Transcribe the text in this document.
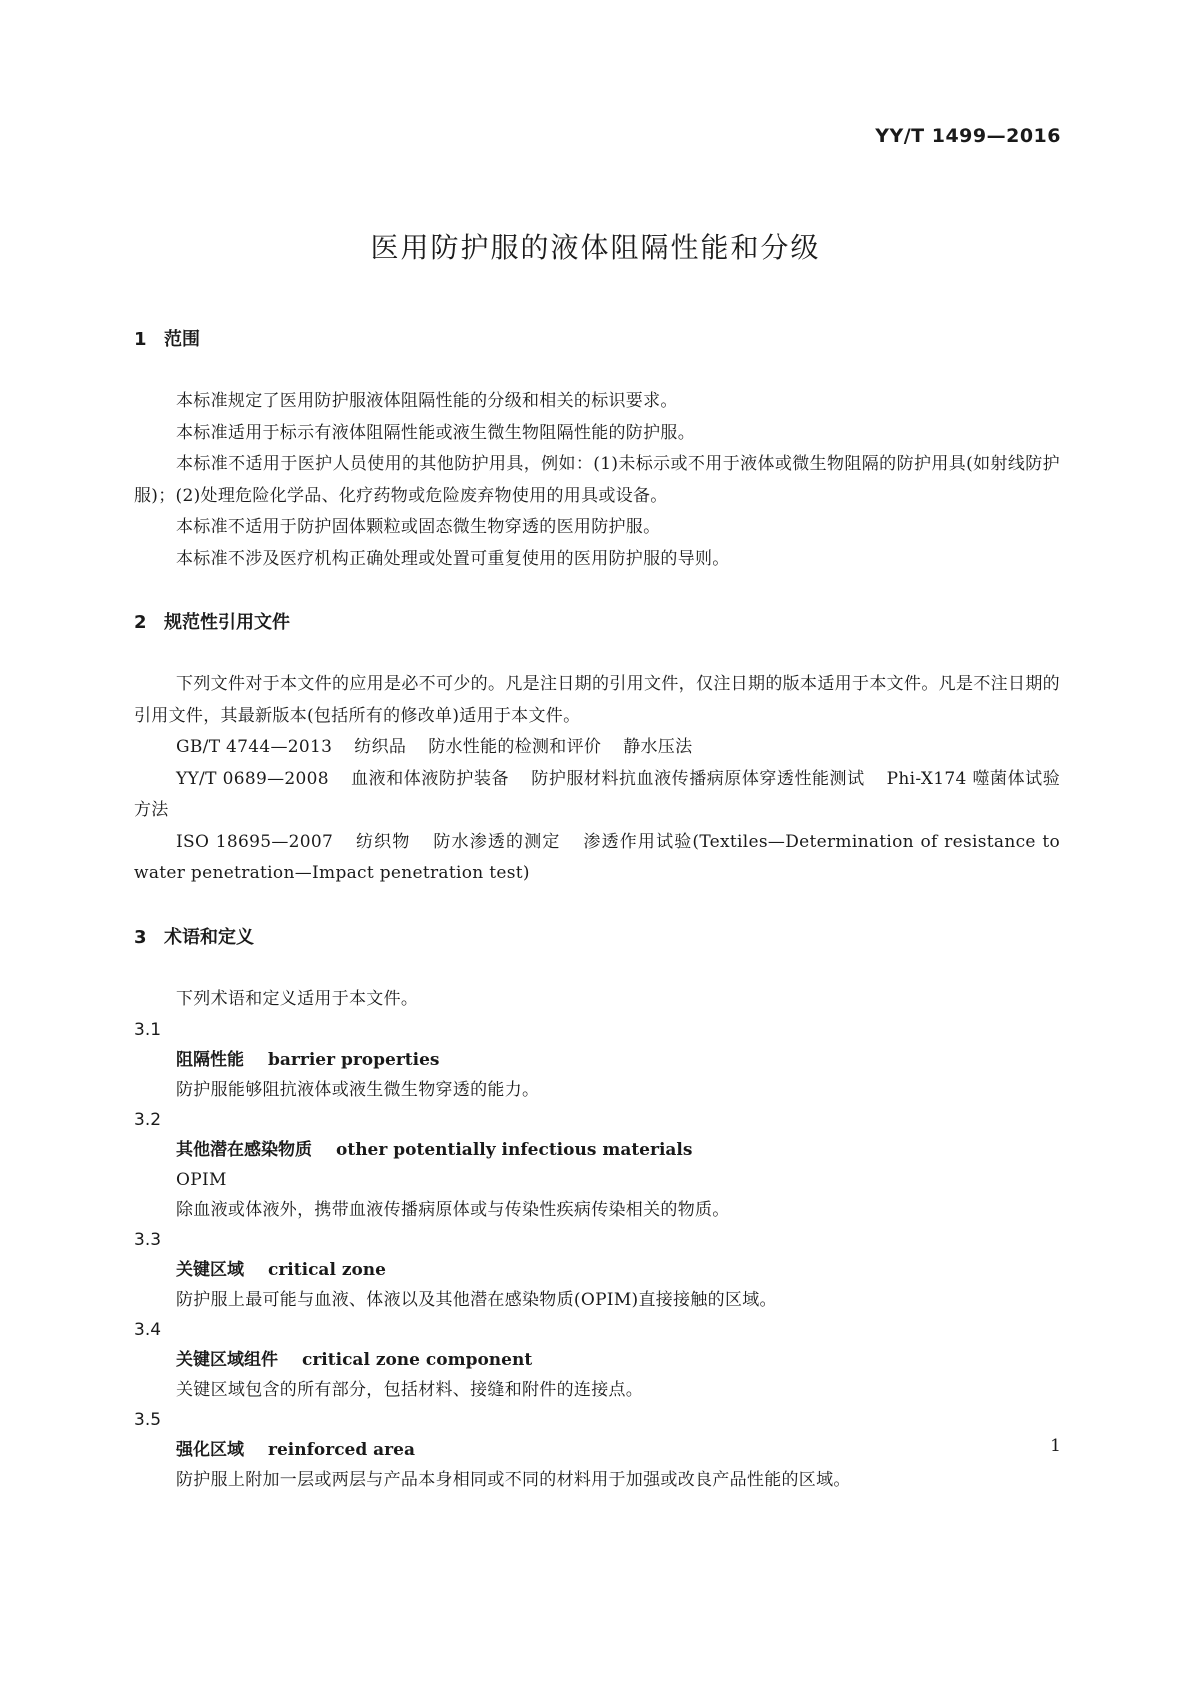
YY/T 1499—2016
医用防护服的液体阻隔性能和分级
1 范围
本标准规定了医用防护服液体阻隔性能的分级和相关的标识要求。
本标准适用于标示有液体阻隔性能或液生微生物阻隔性能的防护服。
本标准不适用于医护人员使用的其他防护用具，例如：(1)未标示或不用于液体或微生物阻隔的防护用具(如射线防护服)；(2)处理危险化学品、化疗药物或危险废弃物使用的用具或设备。
本标准不适用于防护固体颗粒或固态微生物穿透的医用防护服。
本标准不涉及医疗机构正确处理或处置可重复使用的医用防护服的导则。
2 规范性引用文件
下列文件对于本文件的应用是必不可少的。凡是注日期的引用文件，仅注日期的版本适用于本文件。凡是不注日期的引用文件，其最新版本(包括所有的修改单)适用于本文件。
GB/T 4744—2013 纺织品 防水性能的检测和评价 静水压法
YY/T 0689—2008 血液和体液防护装备 防护服材料抗血液传播病原体穿透性能测试 Phi-X174 噬菌体试验方法
ISO 18695—2007 纺织物 防水渗透的测定 渗透作用试验(Textiles—Determination of resistance to water penetration—Impact penetration test)
3 术语和定义
下列术语和定义适用于本文件。
3.1
阻隔性能 barrier properties
防护服能够阻抗液体或液生微生物穿透的能力。
3.2
其他潜在感染物质 other potentially infectious materials
OPIM
除血液或体液外，携带血液传播病原体或与传染性疾病传染相关的物质。
3.3
关键区域 critical zone
防护服上最可能与血液、体液以及其他潜在感染物质(OPIM)直接接触的区域。
3.4
关键区域组件 critical zone component
关键区域包含的所有部分，包括材料、接缝和附件的连接点。
3.5
强化区域 reinforced area
防护服上附加一层或两层与产品本身相同或不同的材料用于加强或改良产品性能的区域。
1
